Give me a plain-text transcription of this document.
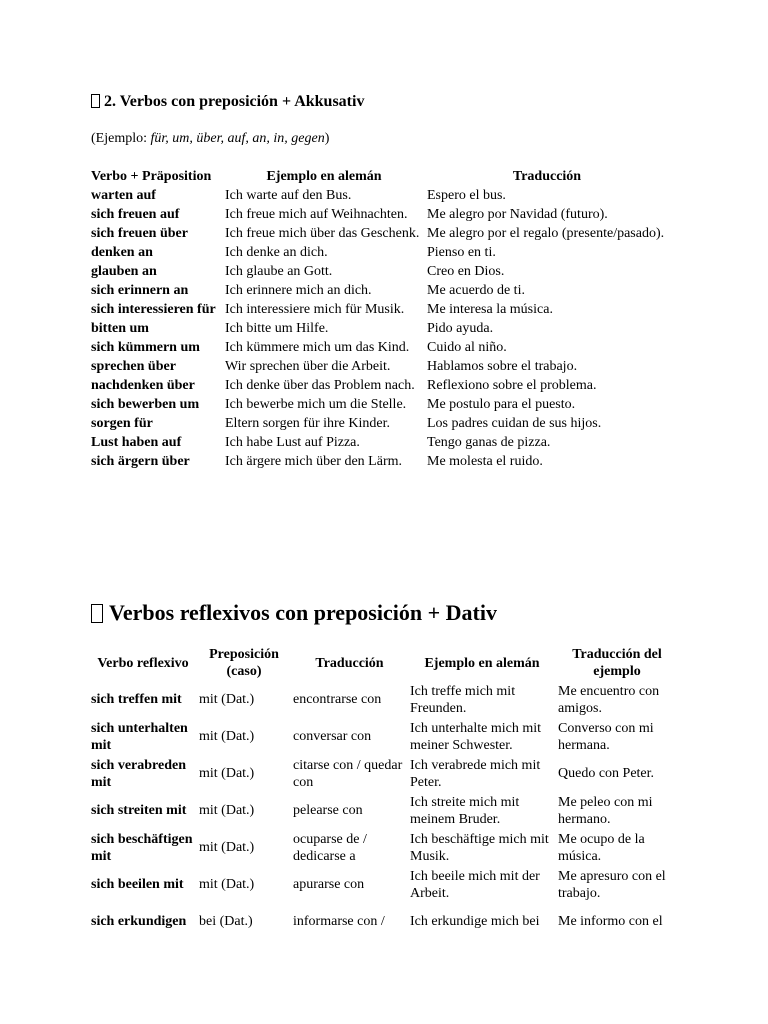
2. Verbos con preposición + Akkusativ
(Ejemplo: für, um, über, auf, an, in, gegen)
Verbo + Präposition	Ejemplo en alemán	Traducción
warten auf	Ich warte auf den Bus.	Espero el bus.
sich freuen auf	Ich freue mich auf Weihnachten.	Me alegro por Navidad (futuro).
sich freuen über	Ich freue mich über das Geschenk.	Me alegro por el regalo (presente/pasado).
denken an	Ich denke an dich.	Pienso en ti.
glauben an	Ich glaube an Gott.	Creo en Dios.
sich erinnern an	Ich erinnere mich an dich.	Me acuerdo de ti.
sich interessieren für	Ich interessiere mich für Musik.	Me interesa la música.
bitten um	Ich bitte um Hilfe.	Pido ayuda.
sich kümmern um	Ich kümmere mich um das Kind.	Cuido al niño.
sprechen über	Wir sprechen über die Arbeit.	Hablamos sobre el trabajo.
nachdenken über	Ich denke über das Problem nach.	Reflexiono sobre el problema.
sich bewerben um	Ich bewerbe mich um die Stelle.	Me postulo para el puesto.
sorgen für	Eltern sorgen für ihre Kinder.	Los padres cuidan de sus hijos.
Lust haben auf	Ich habe Lust auf Pizza.	Tengo ganas de pizza.
sich ärgern über	Ich ärgere mich über den Lärm.	Me molesta el ruido.
Verbos reflexivos con preposición + Dativ
Verbo reflexivo	Preposición (caso)	Traducción	Ejemplo en alemán	Traducción del ejemplo
sich treffen mit	mit (Dat.)	encontrarse con	Ich treffe mich mit Freunden.	Me encuentro con amigos.
sich unterhalten mit	mit (Dat.)	conversar con	Ich unterhalte mich mit meiner Schwester.	Converso con mi hermana.
sich verabreden mit	mit (Dat.)	citarse con / quedar con	Ich verabrede mich mit Peter.	Quedo con Peter.
sich streiten mit	mit (Dat.)	pelearse con	Ich streite mich mit meinem Bruder.	Me peleo con mi hermano.
sich beschäftigen mit	mit (Dat.)	ocuparse de / dedicarse a	Ich beschäftige mich mit Musik.	Me ocupo de la música.
sich beeilen mit	mit (Dat.)	apurarse con	Ich beeile mich mit der Arbeit.	Me apresuro con el trabajo.
sich erkundigen	bei (Dat.)	informarse con /	Ich erkundige mich bei	Me informo con el
